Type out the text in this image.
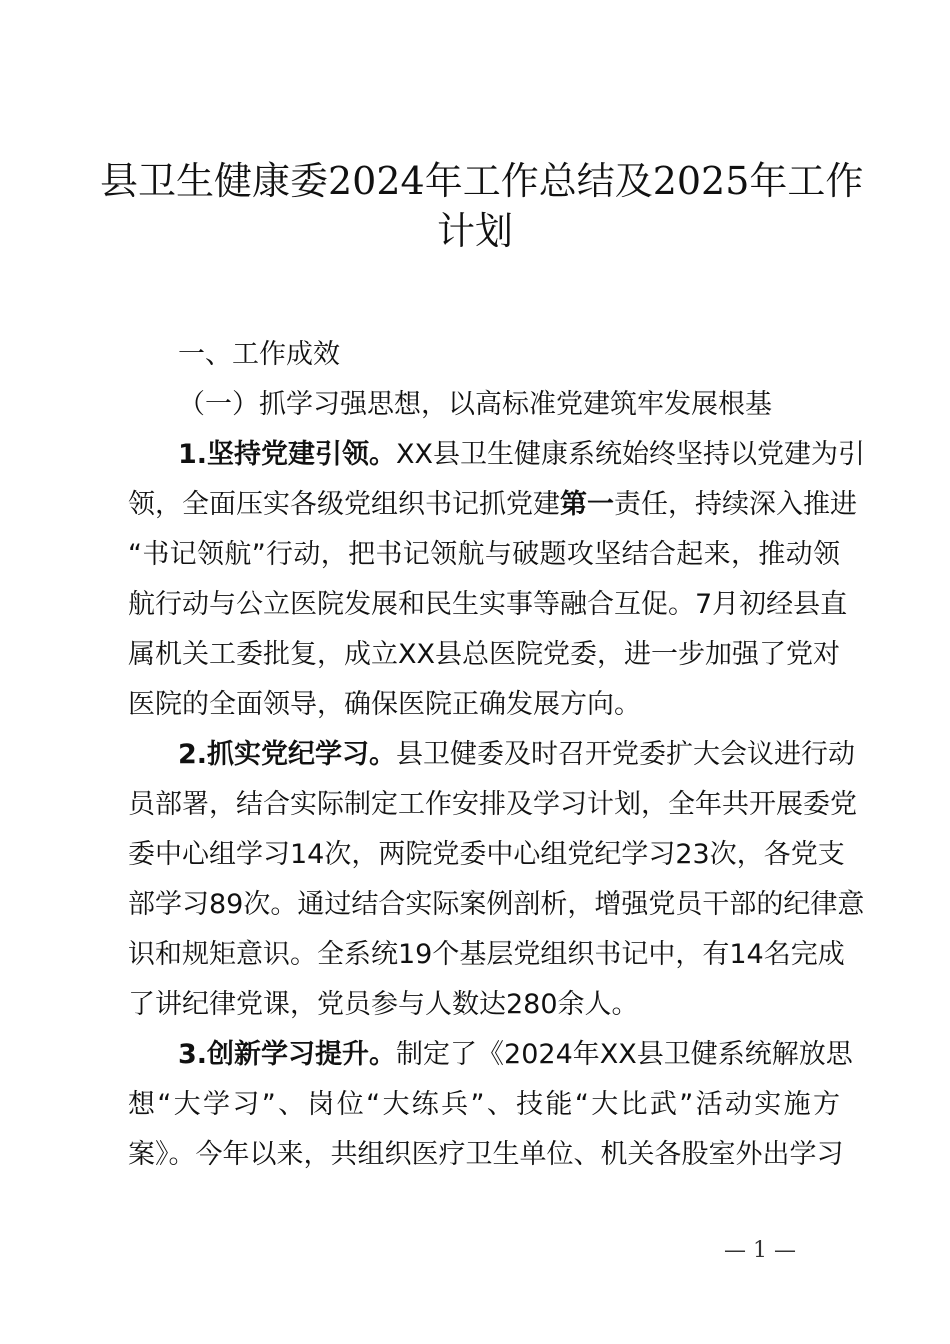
县卫生健康委2024年工作总结及2025年工作
计划
一、工作成效
（一）抓学习强思想，以高标准党建筑牢发展根基
1.坚持党建引领。XX县卫生健康系统始终坚持以党建为引
领，全面压实各级党组织书记抓党建第一责任，持续深入推进
“书记领航”行动，把书记领航与破题攻坚结合起来，推动领
航行动与公立医院发展和民生实事等融合互促。7月初经县直
属机关工委批复，成立XX县总医院党委，进一步加强了党对
医院的全面领导，确保医院正确发展方向。
2.抓实党纪学习。县卫健委及时召开党委扩大会议进行动
员部署，结合实际制定工作安排及学习计划，全年共开展委党
委中心组学习14次，两院党委中心组党纪学习23次，各党支
部学习89次。通过结合实际案例剖析，增强党员干部的纪律意
识和规矩意识。全系统19个基层党组织书记中，有14名完成
了讲纪律党课，党员参与人数达280余人。
3.创新学习提升。制定了《2024年XX县卫健系统解放思
想“大学习”、岗位“大练兵”、技能“大比武”活动实施方
案》。今年以来，共组织医疗卫生单位、机关各股室外出学习
— 1 —
